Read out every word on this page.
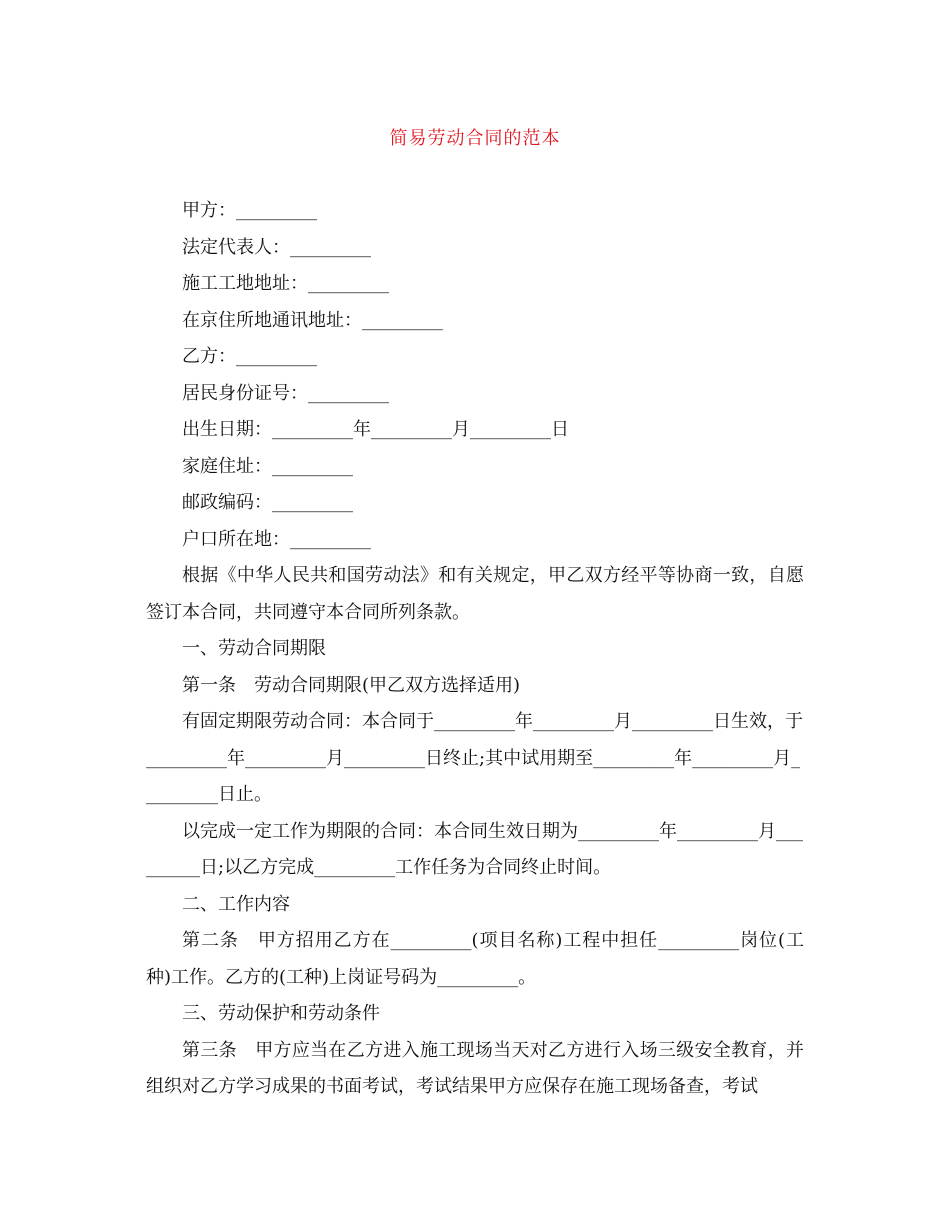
简易劳动合同的范本
甲方：_________
法定代表人：_________
施工工地地址：_________
在京住所地通讯地址：_________
乙方：_________
居民身份证号：_________
出生日期：_________年_________月_________日
家庭住址：_________
邮政编码：_________
户口所在地：_________
根据《中华人民共和国劳动法》和有关规定，甲乙双方经平等协商一致，自愿签订本合同，共同遵守本合同所列条款。
一、劳动合同期限
第一条　劳动合同期限(甲乙双方选择适用)
有固定期限劳动合同：本合同于_________年_________月_________日生效，于_________年_________月_________日终止;其中试用期至_________年_________月_________日止。
以完成一定工作为期限的合同：本合同生效日期为_________年_________月_________日;以乙方完成_________工作任务为合同终止时间。
二、工作内容
第二条　甲方招用乙方在_________(项目名称)工程中担任_________岗位(工种)工作。乙方的(工种)上岗证号码为_________。
三、劳动保护和劳动条件
第三条　甲方应当在乙方进入施工现场当天对乙方进行入场三级安全教育，并组织对乙方学习成果的书面考试，考试结果甲方应保存在施工现场备查，考试
